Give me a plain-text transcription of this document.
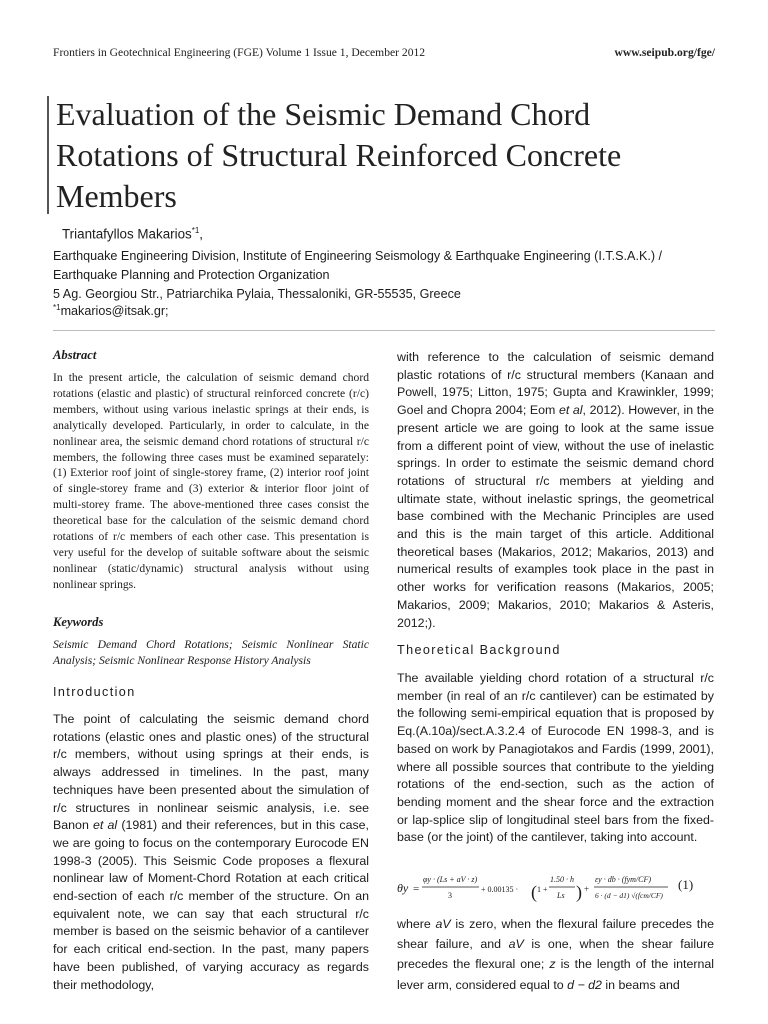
Frontiers in Geotechnical Engineering (FGE) Volume 1 Issue 1, December 2012	www.seipub.org/fge/
Evaluation of the Seismic Demand Chord Rotations of Structural Reinforced Concrete Members
Triantafyllos Makarios$^{*1}$,
Earthquake Engineering Division, Institute of Engineering Seismology & Earthquake Engineering (I.T.S.A.K.) /
Earthquake Planning and Protection Organization
5 Ag. Georgiou Str., Patriarchika Pylaia, Thessaloniki, GR-55535, Greece
$^{*1}$makarios@itsak.gr;
Abstract
In the present article, the calculation of seismic demand chord rotations (elastic and plastic) of structural reinforced concrete (r/c) members, without using various inelastic springs at their ends, is analytically developed. Particularly, in order to calculate, in the nonlinear area, the seismic demand chord rotations of structural r/c members, the following three cases must be examined separately: (1) Exterior roof joint of single-storey frame, (2) interior roof joint of single-storey frame and (3) exterior & interior floor joint of multi-storey frame. The above-mentioned three cases consist the theoretical base for the calculation of the seismic demand chord rotations of r/c members of each other case. This presentation is very useful for the develop of suitable software about the seismic nonlinear (static/dynamic) structural analysis without using nonlinear springs.
Keywords
Seismic Demand Chord Rotations; Seismic Nonlinear Static Analysis; Seismic Nonlinear Response History Analysis
Introduction
The point of calculating the seismic demand chord rotations (elastic ones and plastic ones) of the structural r/c members, without using springs at their ends, is always addressed in timelines. In the past, many techniques have been presented about the simulation of r/c structures in nonlinear seismic analysis, i.e. see Banon et al (1981) and their references, but in this case, we are going to focus on the contemporary Eurocode EN 1998-3 (2005). This Seismic Code proposes a flexural nonlinear law of Moment-Chord Rotation at each critical end-section of each r/c member of the structure. On an equivalent note, we can say that each structural r/c member is based on the seismic behavior of a cantilever for each critical end-section. In the past, many papers have been published, of varying accuracy as regards their methodology,
with reference to the calculation of seismic demand plastic rotations of r/c structural members (Kanaan and Powell, 1975; Litton, 1975; Gupta and Krawinkler, 1999; Goel and Chopra 2004; Eom et al, 2012). However, in the present article we are going to look at the same issue from a different point of view, without the use of inelastic springs. In order to estimate the seismic demand chord rotations of structural r/c members at yielding and ultimate state, without inelastic springs, the geometrical base combined with the Mechanic Principles are used and this is the main target of this article. Additional theoretical bases (Makarios, 2012; Makarios, 2013) and numerical results of examples took place in the past in other works for verification reasons (Makarios, 2005; Makarios, 2009; Makarios, 2010; Makarios & Asteris, 2012;).
Theoretical Background
The available yielding chord rotation of a structural r/c member (in real of an r/c cantilever) can be estimated by the following semi-empirical equation that is proposed by Eq.(A.10a)/sect.A.3.2.4 of Eurocode EN 1998-3, and is based on work by Panagiotakos and Fardis (1999, 2001), where all possible sources that contribute to the yielding rotations of the end-section, such as the action of bending moment and the shear force and the extraction or lap-splice slip of longitudinal steel bars from the fixed-base (or the joint) of the cantilever, taking into account.
θy =
φy · (Ls + aV · z)
3
+ 0.00135 · ( 1 +
1.50 · h
Ls ) +
εy · db · (fym/CF)
6 · (d − d1) √(fcm/CF)
(1)
where aV is zero, when the flexural failure precedes the shear failure, and aV is one, when the shear failure precedes the flexural one; z is the length of the internal lever arm, considered equal to d − d2 in beams and
